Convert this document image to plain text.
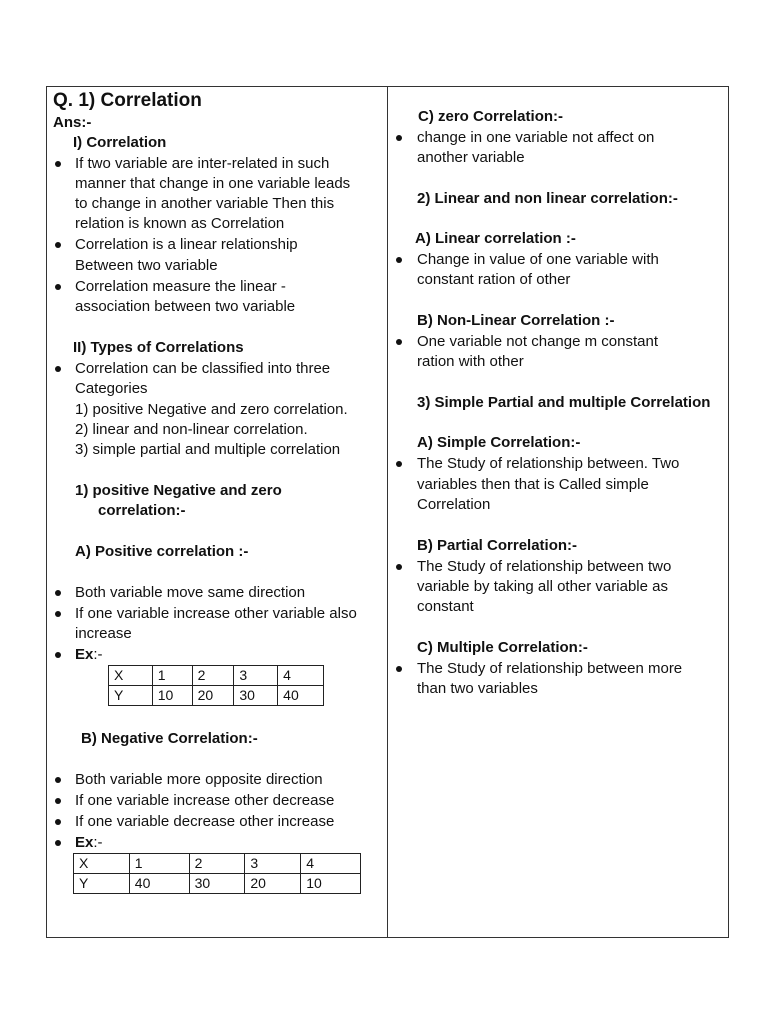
Q. 1) Correlation
Ans:-
I) Correlation
If two variable are inter-related in such
manner that change in one variable leads
to change in another variable Then this
relation is known as Correlation
Correlation is a linear relationship
Between two variable
Correlation measure the linear -
association between two variable
II) Types of Correlations
Correlation can be classified into three
Categories
1) positive Negative and zero correlation.
2) linear and non-linear correlation.
3) simple partial and multiple correlation
1) positive Negative and zero
correlation:-
A) Positive correlation :-
Both variable move same direction
If one variable increase other variable also
increase
Ex:-
X	1	2	3	4
Y	10	20	30	40
B) Negative Correlation:-
Both variable more opposite direction
If one variable increase other decrease
If one variable decrease other increase
Ex:-
X	1	2	3	4
Y	40	30	20	10
C) zero Correlation:-
change in one variable not affect on
another variable
2) Linear and non linear correlation:-
A) Linear correlation :-
Change in value of one variable with
constant ration of other
B) Non-Linear Correlation :-
One variable not change m constant
ration with other
3) Simple Partial and multiple Correlation
A) Simple Correlation:-
The Study of relationship between. Two
variables then that is Called simple
Correlation
B) Partial Correlation:-
The Study of relationship between two
variable by taking all other variable as
constant
C) Multiple Correlation:-
The Study of relationship between more
than two variables
